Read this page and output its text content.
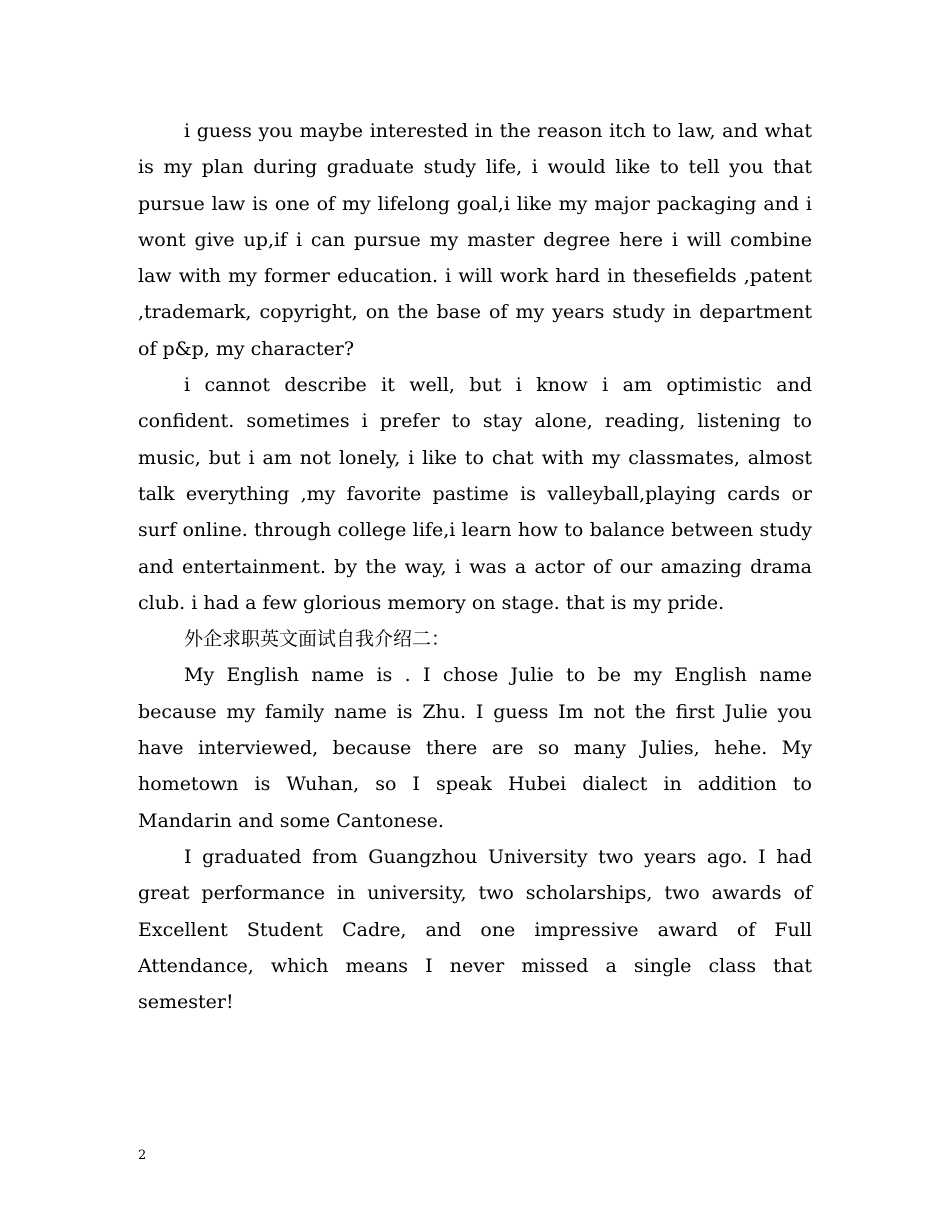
i guess you maybe interested in the reason itch to law, and what is my plan during graduate study life, i would like to tell you that pursue law is one of my lifelong goal,i like my major packaging and i wont give up,if i can pursue my master degree here i will combine law with my former education. i will work hard in thesefields ,patent ,trademark, copyright, on the base of my years study in department of p&p, my character?

i cannot describe it well, but i know i am optimistic and confident. sometimes i prefer to stay alone, reading, listening to music, but i am not lonely, i like to chat with my classmates, almost talk everything ,my favorite pastime is valleyball,playing cards or surf online. through college life,i learn how to balance between study and entertainment. by the way, i was a actor of our amazing drama club. i had a few glorious memory on stage. that is my pride.

外企求职英文面试自我介绍二：

My English name is . I chose Julie to be my English name because my family name is Zhu. I guess Im not the first Julie you have interviewed, because there are so many Julies, hehe. My hometown is Wuhan, so I speak Hubei dialect in addition to Mandarin and some Cantonese.

I graduated from Guangzhou University two years ago. I had great performance in university, two scholarships, two awards of Excellent Student Cadre, and one impressive award of Full Attendance, which means I never missed a single class that semester!

2
